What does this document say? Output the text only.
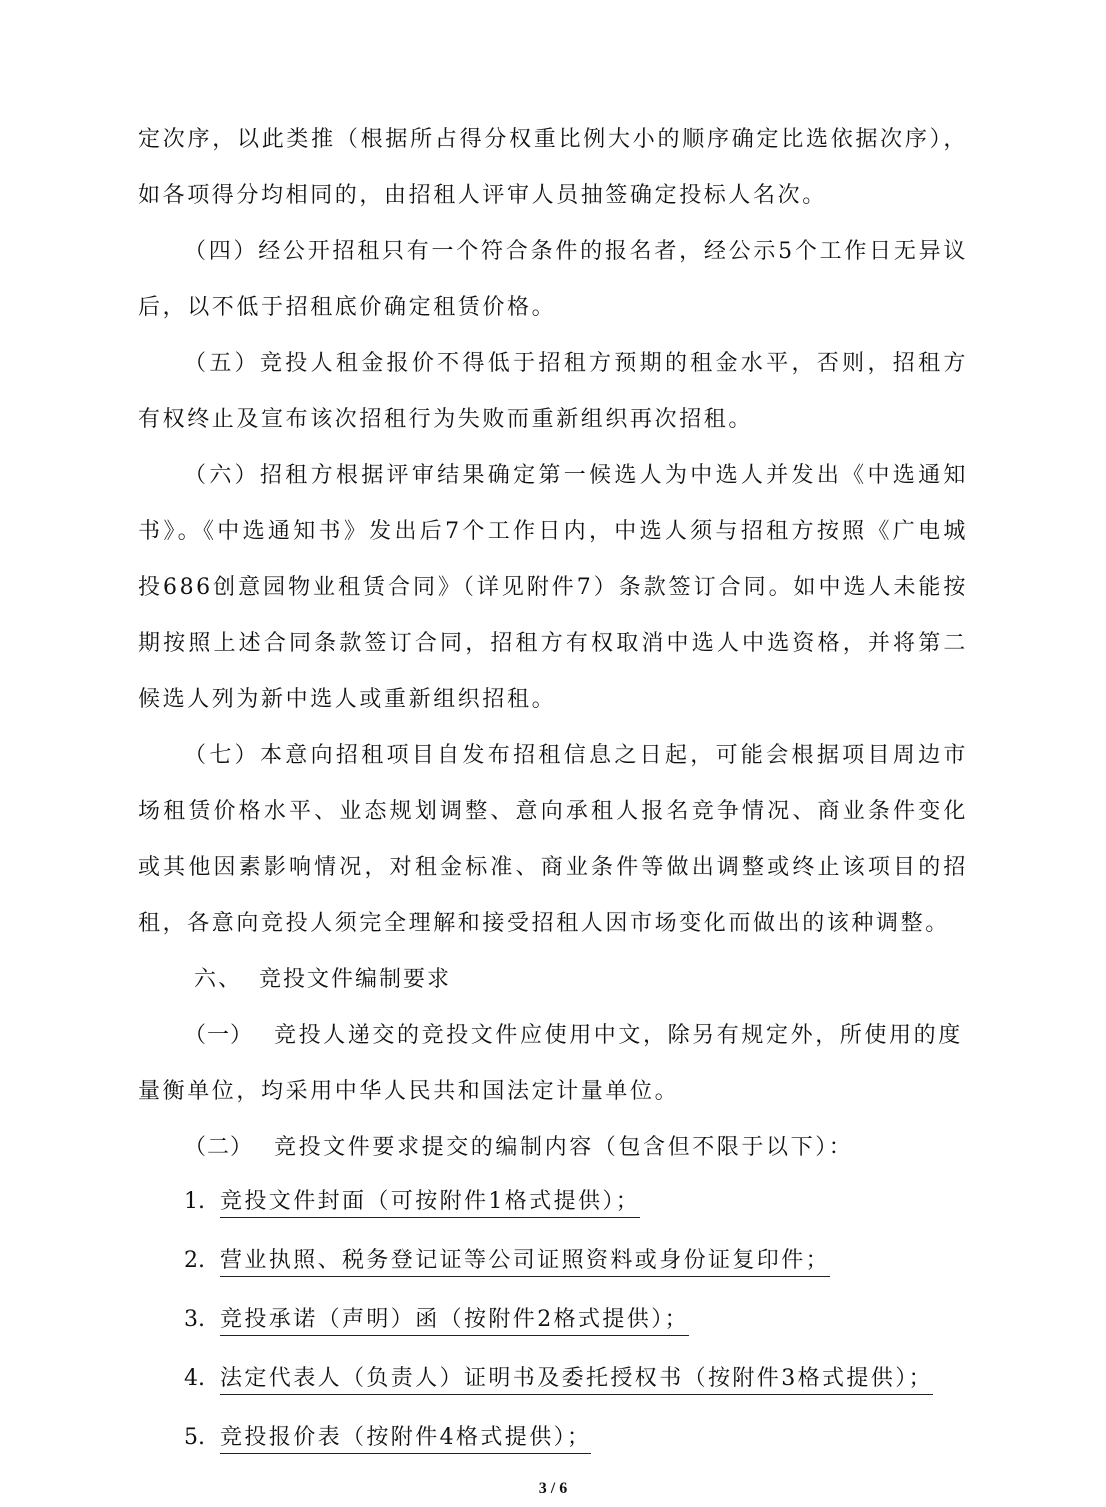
定次序，以此类推（根据所占得分权重比例大小的顺序确定比选依据次序），如各项得分均相同的，由招租人评审人员抽签确定投标人名次。

（四）经公开招租只有一个符合条件的报名者，经公示5个工作日无异议后，以不低于招租底价确定租赁价格。

（五）竞投人租金报价不得低于招租方预期的租金水平，否则，招租方有权终止及宣布该次招租行为失败而重新组织再次招租。

（六）招租方根据评审结果确定第一候选人为中选人并发出《中选通知书》。《中选通知书》发出后7个工作日内，中选人须与招租方按照《广电城投686创意园物业租赁合同》（详见附件7）条款签订合同。如中选人未能按期按照上述合同条款签订合同，招租方有权取消中选人中选资格，并将第二候选人列为新中选人或重新组织招租。

（七）本意向招租项目自发布招租信息之日起，可能会根据项目周边市场租赁价格水平、业态规划调整、意向承租人报名竞争情况、商业条件变化或其他因素影响情况，对租金标准、商业条件等做出调整或终止该项目的招租，各意向竞投人须完全理解和接受招租人因市场变化而做出的该种调整。

六、 竞投文件编制要求

（一） 竞投人递交的竞投文件应使用中文，除另有规定外，所使用的度量衡单位，均采用中华人民共和国法定计量单位。

（二） 竞投文件要求提交的编制内容（包含但不限于以下）：

1. 竞投文件封面（可按附件1格式提供）；
2. 营业执照、税务登记证等公司证照资料或身份证复印件；
3. 竞投承诺（声明）函（按附件2格式提供）；
4. 法定代表人（负责人）证明书及委托授权书（按附件3格式提供）；
5. 竞投报价表（按附件4格式提供）；
3 / 6
